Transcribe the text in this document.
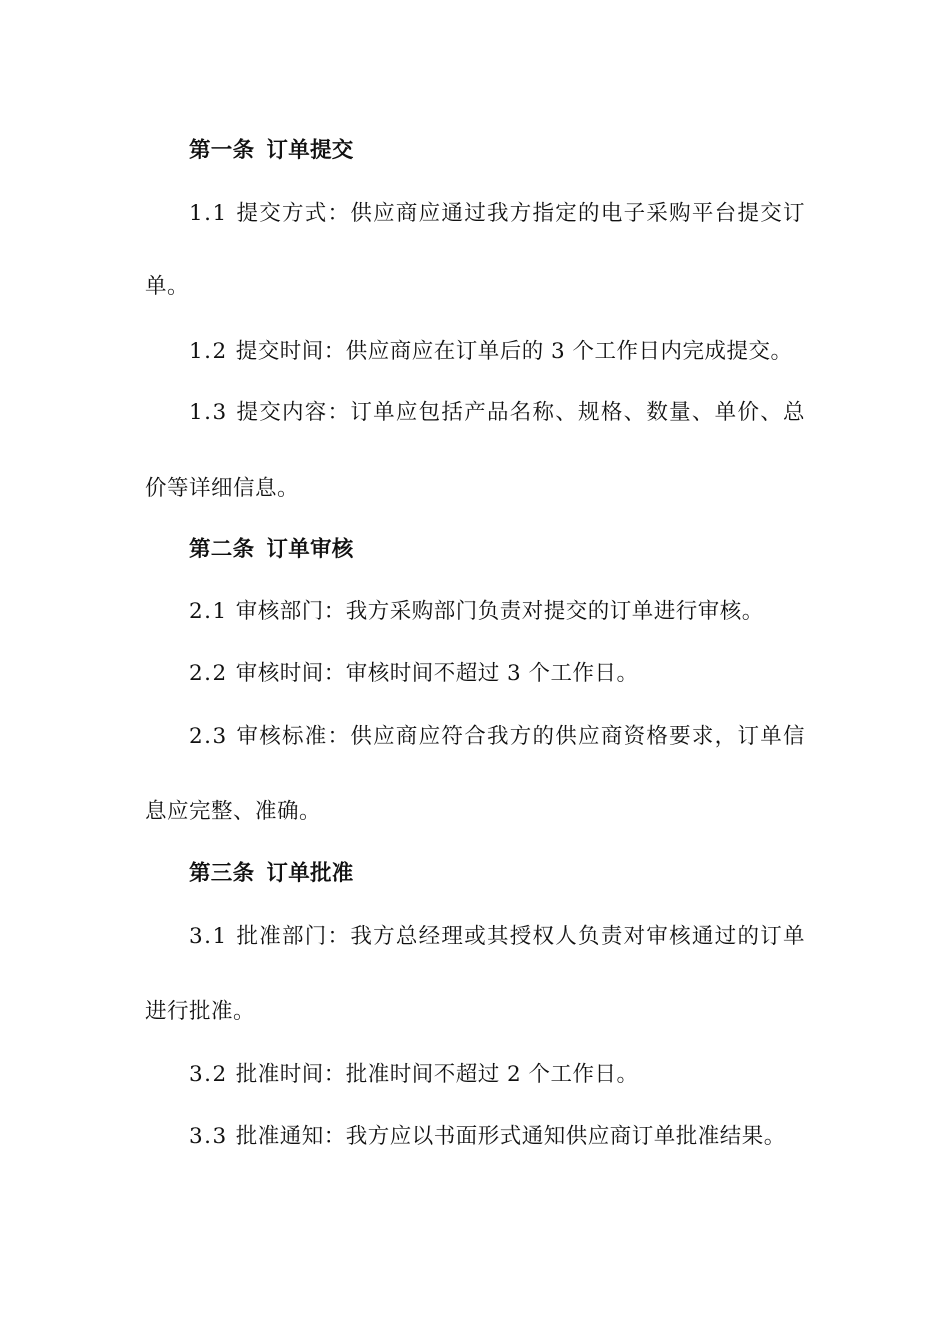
第一条 订单提交
1.1 提交方式：供应商应通过我方指定的电子采购平台提交订
单。
1.2 提交时间：供应商应在订单后的 3 个工作日内完成提交。
1.3 提交内容：订单应包括产品名称、规格、数量、单价、总
价等详细信息。
第二条 订单审核
2.1 审核部门：我方采购部门负责对提交的订单进行审核。
2.2 审核时间：审核时间不超过 3 个工作日。
2.3 审核标准：供应商应符合我方的供应商资格要求，订单信
息应完整、准确。
第三条 订单批准
3.1 批准部门：我方总经理或其授权人负责对审核通过的订单
进行批准。
3.2 批准时间：批准时间不超过 2 个工作日。
3.3 批准通知：我方应以书面形式通知供应商订单批准结果。
